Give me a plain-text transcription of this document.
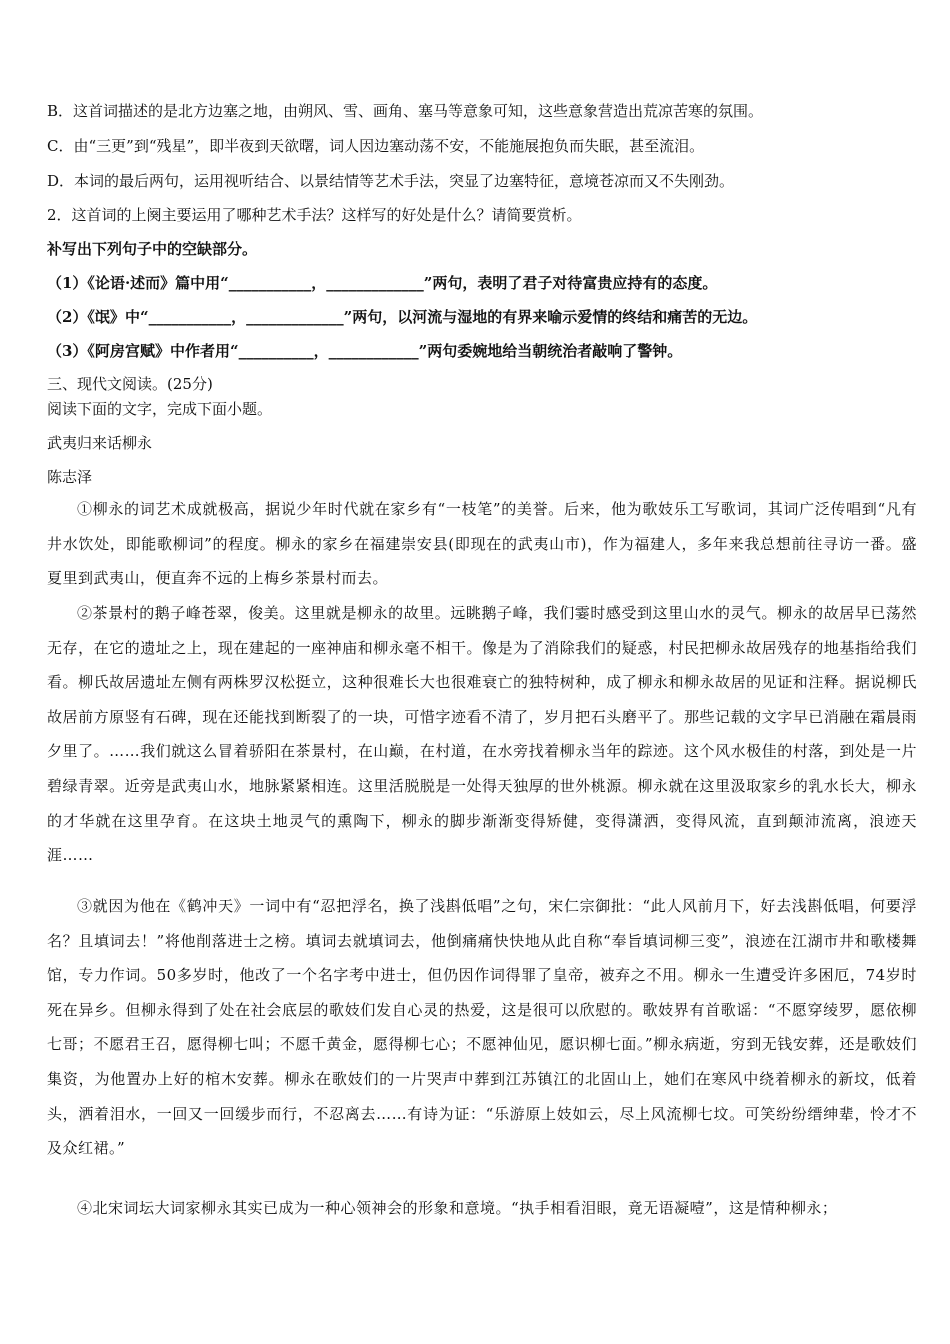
B．这首词描述的是北方边塞之地，由朔风、雪、画角、塞马等意象可知，这些意象营造出荒凉苦寒的氛围。
C．由“三更”到“残星”，即半夜到天欲曙，词人因边塞动荡不安，不能施展抱负而失眠，甚至流泪。
D．本词的最后两句，运用视听结合、以景结情等艺术手法，突显了边塞特征，意境苍凉而又不失刚劲。
2．这首词的上阕主要运用了哪种艺术手法？这样写的好处是什么？请简要赏析。
补写出下列句子中的空缺部分。
（1）《论语·述而》篇中用“___________，_____________”两句，表明了君子对待富贵应持有的态度。
（2）《氓》中“___________，_____________”两句，以河流与湿地的有界来喻示爱情的终结和痛苦的无边。
（3）《阿房宫赋》中作者用“__________，____________”两句委婉地给当朝统治者敲响了警钟。
三、现代文阅读。(25分)
阅读下面的文字，完成下面小题。
武夷归来话柳永
陈志泽

①柳永的词艺术成就极高，据说少年时代就在家乡有“一枝笔”的美誉。后来，他为歌妓乐工写歌词，其词广泛传唱到“凡有井水饮处，即能歌柳词”的程度。柳永的家乡在福建崇安县(即现在的武夷山市)，作为福建人，多年来我总想前往寻访一番。盛夏里到武夷山，便直奔不远的上梅乡茶景村而去。

②茶景村的鹅子峰苍翠，俊美。这里就是柳永的故里。远眺鹅子峰，我们霎时感受到这里山水的灵气。柳永的故居早已荡然无存，在它的遗址之上，现在建起的一座神庙和柳永毫不相干。像是为了消除我们的疑惑，村民把柳永故居残存的地基指给我们看。柳氏故居遗址左侧有两株罗汉松挺立，这种很难长大也很难衰亡的独特树种，成了柳永和柳永故居的见证和注释。据说柳氏故居前方原竖有石碑，现在还能找到断裂了的一块，可惜字迹看不清了，岁月把石头磨平了。那些记载的文字早已消融在霜晨雨夕里了。……我们就这么冒着骄阳在茶景村，在山巅，在村道，在水旁找着柳永当年的踪迹。这个风水极佳的村落，到处是一片碧绿青翠。近旁是武夷山水，地脉紧紧相连。这里活脱脱是一处得天独厚的世外桃源。柳永就在这里汲取家乡的乳水长大，柳永的才华就在这里孕育。在这块土地灵气的熏陶下，柳永的脚步渐渐变得矫健，变得潇洒，变得风流，直到颠沛流离，浪迹天涯……

③就因为他在《鹤冲天》一词中有“忍把浮名，换了浅斟低唱”之句，宋仁宗御批：“此人风前月下，好去浅斟低唱，何要浮名？且填词去！”将他削落进士之榜。填词去就填词去，他倒痛痛快快地从此自称“奉旨填词柳三变”，浪迹在江湖市井和歌楼舞馆，专力作词。50多岁时，他改了一个名字考中进士，但仍因作词得罪了皇帝，被弃之不用。柳永一生遭受许多困厄，74岁时死在异乡。但柳永得到了处在社会底层的歌妓们发自心灵的热爱，这是很可以欣慰的。歌妓界有首歌谣：“不愿穿绫罗，愿依柳七哥；不愿君王召，愿得柳七叫；不愿千黄金，愿得柳七心；不愿神仙见，愿识柳七面。”柳永病逝，穷到无钱安葬，还是歌妓们集资，为他置办上好的棺木安葬。柳永在歌妓们的一片哭声中葬到江苏镇江的北固山上，她们在寒风中绕着柳永的新坟，低着头，洒着泪水，一回又一回缓步而行，不忍离去……有诗为证：“乐游原上妓如云，尽上风流柳七坟。可笑纷纷缙绅辈，怜才不及众红裙。”

④北宋词坛大词家柳永其实已成为一种心领神会的形象和意境。“执手相看泪眼，竟无语凝噎”，这是情种柳永；
